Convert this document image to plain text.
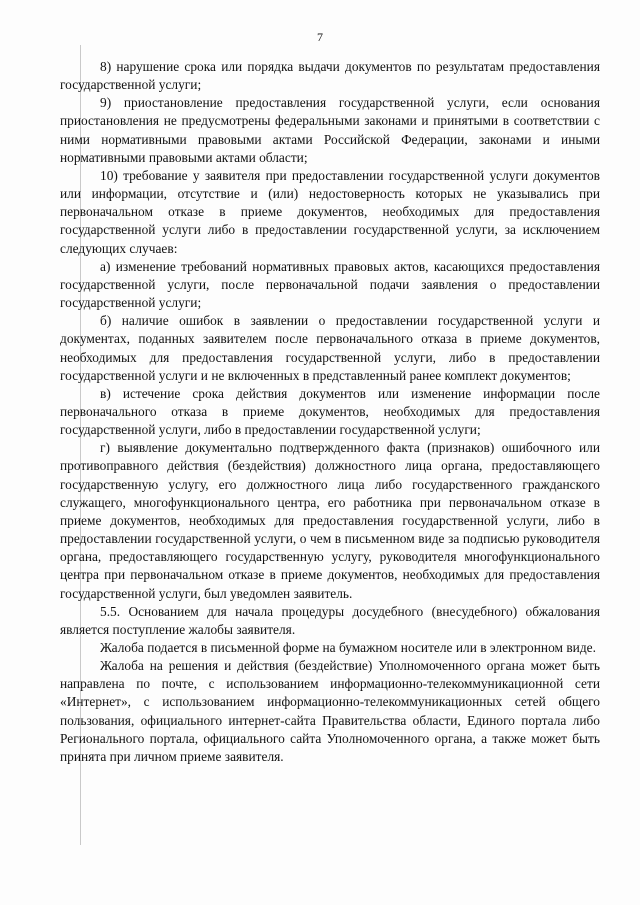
7

8) нарушение срока или порядка выдачи документов по результатам предоставления государственной услуги;

9) приостановление предоставления государственной услуги, если основания приостановления не предусмотрены федеральными законами и принятыми в соответствии с ними нормативными правовыми актами Российской Федерации, законами и иными нормативными правовыми актами области;

10) требование у заявителя при предоставлении государственной услуги документов или информации, отсутствие и (или) недостоверность которых не указывались при первоначальном отказе в приеме документов, необходимых для предоставления государственной услуги либо в предоставлении государственной услуги, за исключением следующих случаев:

а) изменение требований нормативных правовых актов, касающихся предоставления государственной услуги, после первоначальной подачи заявления о предоставлении государственной услуги;

б) наличие ошибок в заявлении о предоставлении государственной услуги и документах, поданных заявителем после первоначального отказа в приеме документов, необходимых для предоставления государственной услуги, либо в предоставлении государственной услуги и не включенных в представленный ранее комплект документов;

в) истечение срока действия документов или изменение информации после первоначального отказа в приеме документов, необходимых для предоставления государственной услуги, либо в предоставлении государственной услуги;

г) выявление документально подтвержденного факта (признаков) ошибочного или противоправного действия (бездействия) должностного лица органа, предоставляющего государственную услугу, его должностного лица либо государственного гражданского служащего, многофункционального центра, его работника при первоначальном отказе в приеме документов, необходимых для предоставления государственной услуги, либо в предоставлении государственной услуги, о чем в письменном виде за подписью руководителя органа, предоставляющего государственную услугу, руководителя многофункционального центра при первоначальном отказе в приеме документов, необходимых для предоставления государственной услуги, был уведомлен заявитель.

5.5. Основанием для начала процедуры досудебного (внесудебного) обжалования является поступление жалобы заявителя.

Жалоба подается в письменной форме на бумажном носителе или в электронном виде.

Жалоба на решения и действия (бездействие) Уполномоченного органа может быть направлена по почте, с использованием информационно-телекоммуникационной сети «Интернет», с использованием информационно-телекоммуникационных сетей общего пользования, официального интернет-сайта Правительства области, Единого портала либо Регионального портала, официального сайта Уполномоченного органа, а также может быть принята при личном приеме заявителя.
